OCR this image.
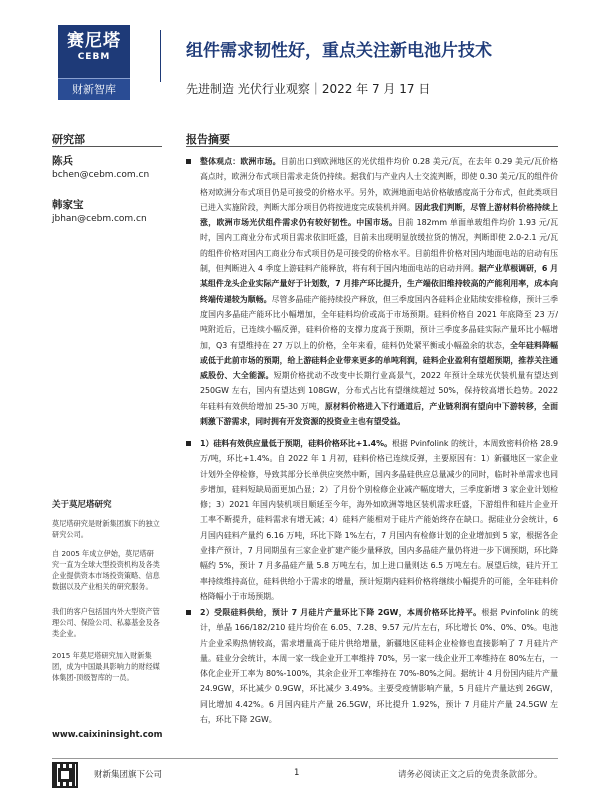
赛尼塔
CEBM
财新智库
组件需求韧性好，重点关注新电池片技术
先进制造 光伏行业观察｜2022 年 7 月 17 日
研究部	报告摘要
陈兵
bchen@cebm.com.cn
韩家宝
jbhan@cebm.com.cn
关于莫尼塔研究
莫尼塔研究是财新集团旗下的独立研究公司。
自 2005 年成立伊始，莫尼塔研究一直为全球大型投资机构及各类企业提供资本市场投资策略、信息数据以及产业相关的研究服务。
我们的客户包括国内外大型资产管理公司、保险公司、私募基金及各类企业。
2015 年莫尼塔研究加入财新集团，成为中国最具影响力的财经媒体集团-顶级智库的一员。
www.caixininsight.com
整体观点：欧洲市场。目前出口到欧洲地区的光伏组件均价 0.28 美元/瓦，在去年 0.29 美元/瓦价格高点时，欧洲分布式项目需求走货仍持续。据我们与产业内人士交流判断，即使 0.30 美元/瓦的组件价格对欧洲分布式项目仍是可接受的价格水平。另外，欧洲地面电站价格敏感度高于分布式，但此类项目已进入实施阶段，判断大部分项目仍将按进度完成装机并网。因此我们判断，尽管上游材料价格持续上涨，欧洲市场光伏组件需求仍有较好韧性。中国市场。目前 182mm 单面单玻组件均价 1.93 元/瓦时，国内工商业分布式项目需求依旧旺盛，目前未出现明显放缓拉货的情况，判断即使 2.0-2.1 元/瓦的组件价格对国内工商业分布式项目仍是可接受的价格水平。目前组件价格对国内地面电站的启动有压制，但判断进入 4 季度上游硅料产能释放，将有利于国内地面电站的启动并网。据产业草根调研，6 月某组件龙头企业实际产量好于计划数，7 月排产环比提升，生产端依旧维持较高的产能利用率，成本向终端传递较为顺畅。尽管多晶硅产能持续投产释放，但三季度国内各硅料企业陆续安排检修，预计三季度国内多晶硅产能环比小幅增加，全年硅料均价或高于市场预期。硅料价格自 2021 年底降至 23 万/吨附近后，已连续小幅反弹，硅料价格的支撑力度高于预期，预计三季度多晶硅实际产量环比小幅增加，Q3 有望维持在 27 万以上的价格，全年来看，硅料仍处紧平衡或小幅盈余的状态，全年硅料降幅或低于此前市场的预期，给上游硅料企业带来更多的单吨利润，硅料企业盈利有望超预期，推荐关注通威股份、大全能源。短期价格扰动不改变中长期行业高景气，2022 年预计全球光伏装机量有望达到 250GW 左右，国内有望达到 108GW，分布式占比有望继续超过 50%，保持较高增长趋势。2022 年硅料有效供给增加 25-30 万吨，原材料价格进入下行通道后，产业链利润有望向中下游转移，全面刺激下游需求，同时拥有开发资源的投资业主也有望受益。
1）硅料有效供应量低于预期，硅料价格环比+1.4%。根据 Pvinfolink 的统计，本周致密料价格 28.9 万/吨，环比+1.4%。自 2022 年 1 月初，硅料价格已连续反弹，主要原因有：1）新疆地区一家企业计划外全停检修，导致其部分长单供应突然中断，国内多晶硅供应总量减少的同时，临时补单需求也同步增加，硅料短缺局面更加凸显；2）了月份个别检修企业减产幅度增大，三季度新增 3 家企业计划检修；3）2021 年国内装机项目顺延至今年，海外如欧洲等地区装机需求旺盛，下游组件和硅片企业开工率不断提升，硅料需求有增无减；4）硅料产能相对于硅片产能始终存在缺口。据硅业分会统计，6 月国内硅料产量约 6.16 万吨，环比下降 1%左右，7 月国内有检修计划的企业增加到 5 家，根据各企业排产预计，7 月同期虽有三家企业扩建产能少量释放，国内多晶硅产量仍将进一步下调预期，环比降幅约 5%，预计 7 月多晶硅产量 5.8 万吨左右，加上进口量则达 6.5 万吨左右。展望后续，硅片开工率持续维持高位，硅料供给小于需求的增量，预计短期内硅料价格将继续小幅提升的可能，全年硅料价格降幅小于市场预期。
2）受限硅料供给，预计 7 月硅片产量环比下降 2GW，本周价格环比持平。根据 Pvinfolink 的统计，单晶 166/182/210 硅片均价在 6.05、7.28、9.57 元/片左右，环比增长 0%、0%、0%。电池片企业采购热情较高，需求增量高于硅片供给增量，新疆地区硅料企业检修也直接影响了 7 月硅片产量。硅业分会统计，本周一家一线企业开工率维持 70%，另一家一线企业开工率维持在 80%左右，一体化企业开工率为 80%-100%，其余企业开工率维持在 70%-80%之间。据统计 4 月份国内硅片产量 24.9GW，环比减少 0.9GW，环比减少 3.49%。主要受疫情影响产量，5 月硅片产量达到 26GW，同比增加 4.42%。6 月国内硅片产量 26.5GW，环比提升 1.92%，预计 7 月硅片产量 24.5GW 左右，环比下降 2GW。
财新集团旗下公司	1	请务必阅读正文之后的免责条款部分。
